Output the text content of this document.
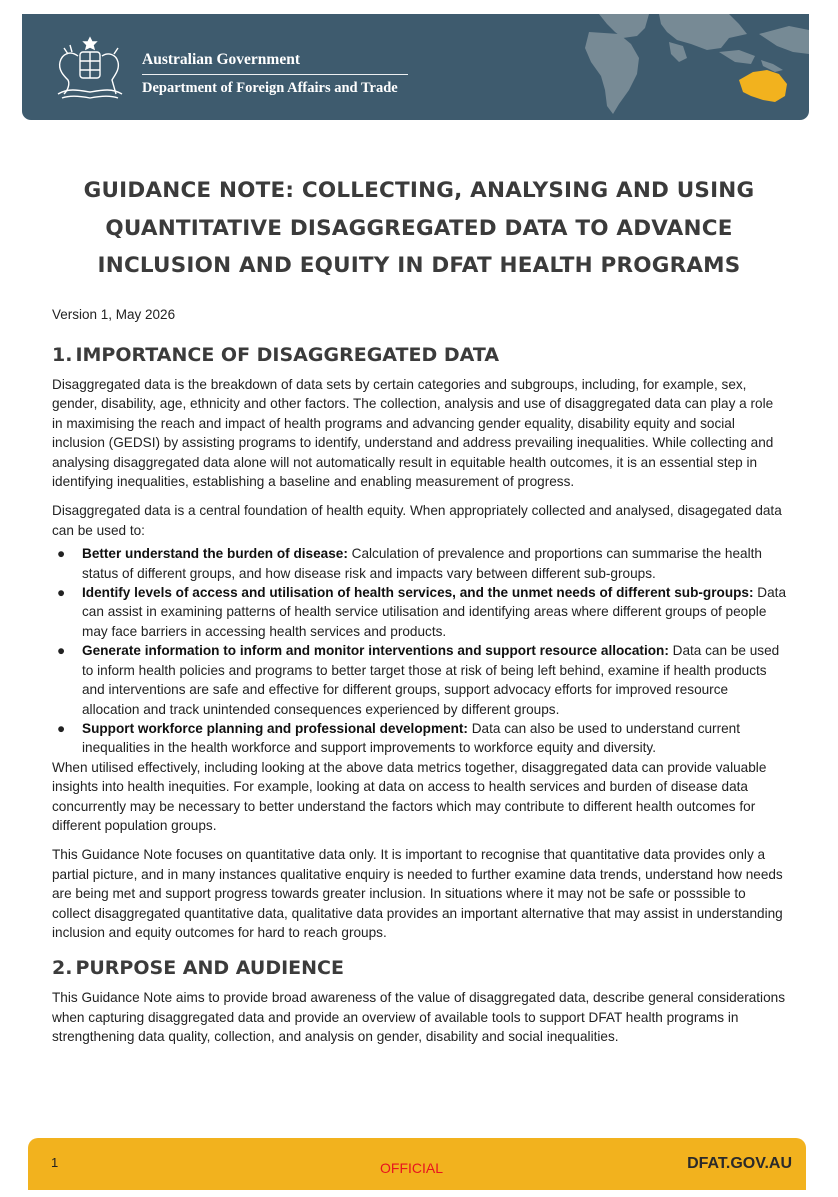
Australian Government
Department of Foreign Affairs and Trade
GUIDANCE NOTE: COLLECTING, ANALYSING AND USING
QUANTITATIVE DISAGGREGATED DATA TO ADVANCE
INCLUSION AND EQUITY IN DFAT HEALTH PROGRAMS
Version 1, May 2026
1. IMPORTANCE OF DISAGGREGATED DATA

Disaggregated data is the breakdown of data sets by certain categories and subgroups, including, for example, sex, gender, disability, age, ethnicity and other factors. The collection, analysis and use of disaggregated data can play a role in maximising the reach and impact of health programs and advancing gender equality, disability equity and social inclusion (GEDSI) by assisting programs to identify, understand and address prevailing inequalities. While collecting and analysing disaggregated data alone will not automatically result in equitable health outcomes, it is an essential step in identifying inequalities, establishing a baseline and enabling measurement of progress.

Disaggregated data is a central foundation of health equity. When appropriately collected and analysed, disagegated data can be used to:

● Better understand the burden of disease: Calculation of prevalence and proportions can summarise the health status of different groups, and how disease risk and impacts vary between different sub-groups.
● Identify levels of access and utilisation of health services, and the unmet needs of different sub-groups: Data can assist in examining patterns of health service utilisation and identifying areas where different groups of people may face barriers in accessing health services and products.
● Generate information to inform and monitor interventions and support resource allocation: Data can be used to inform health policies and programs to better target those at risk of being left behind, examine if health products and interventions are safe and effective for different groups, support advocacy efforts for improved resource allocation and track unintended consequences experienced by different groups.
● Support workforce planning and professional development: Data can also be used to understand current inequalities in the health workforce and support improvements to workforce equity and diversity.

When utilised effectively, including looking at the above data metrics together, disaggregated data can provide valuable insights into health inequities. For example, looking at data on access to health services and burden of disease data concurrently may be necessary to better understand the factors which may contribute to different health outcomes for different population groups.

This Guidance Note focuses on quantitative data only. It is important to recognise that quantitative data provides only a partial picture, and in many instances qualitative enquiry is needed to further examine data trends, understand how needs are being met and support progress towards greater inclusion. In situations where it may not be safe or posssible to collect disaggregated quantitative data, qualitative data provides an important alternative that may assist in understanding inclusion and equity outcomes for hard to reach groups.

2. PURPOSE AND AUDIENCE

This Guidance Note aims to provide broad awareness of the value of disaggregated data, describe general considerations when capturing disaggregated data and provide an overview of available tools to support DFAT health programs in strengthening data quality, collection, and analysis on gender, disability and social inequalities.

1	OFFICIAL	DFAT.GOV.AU
